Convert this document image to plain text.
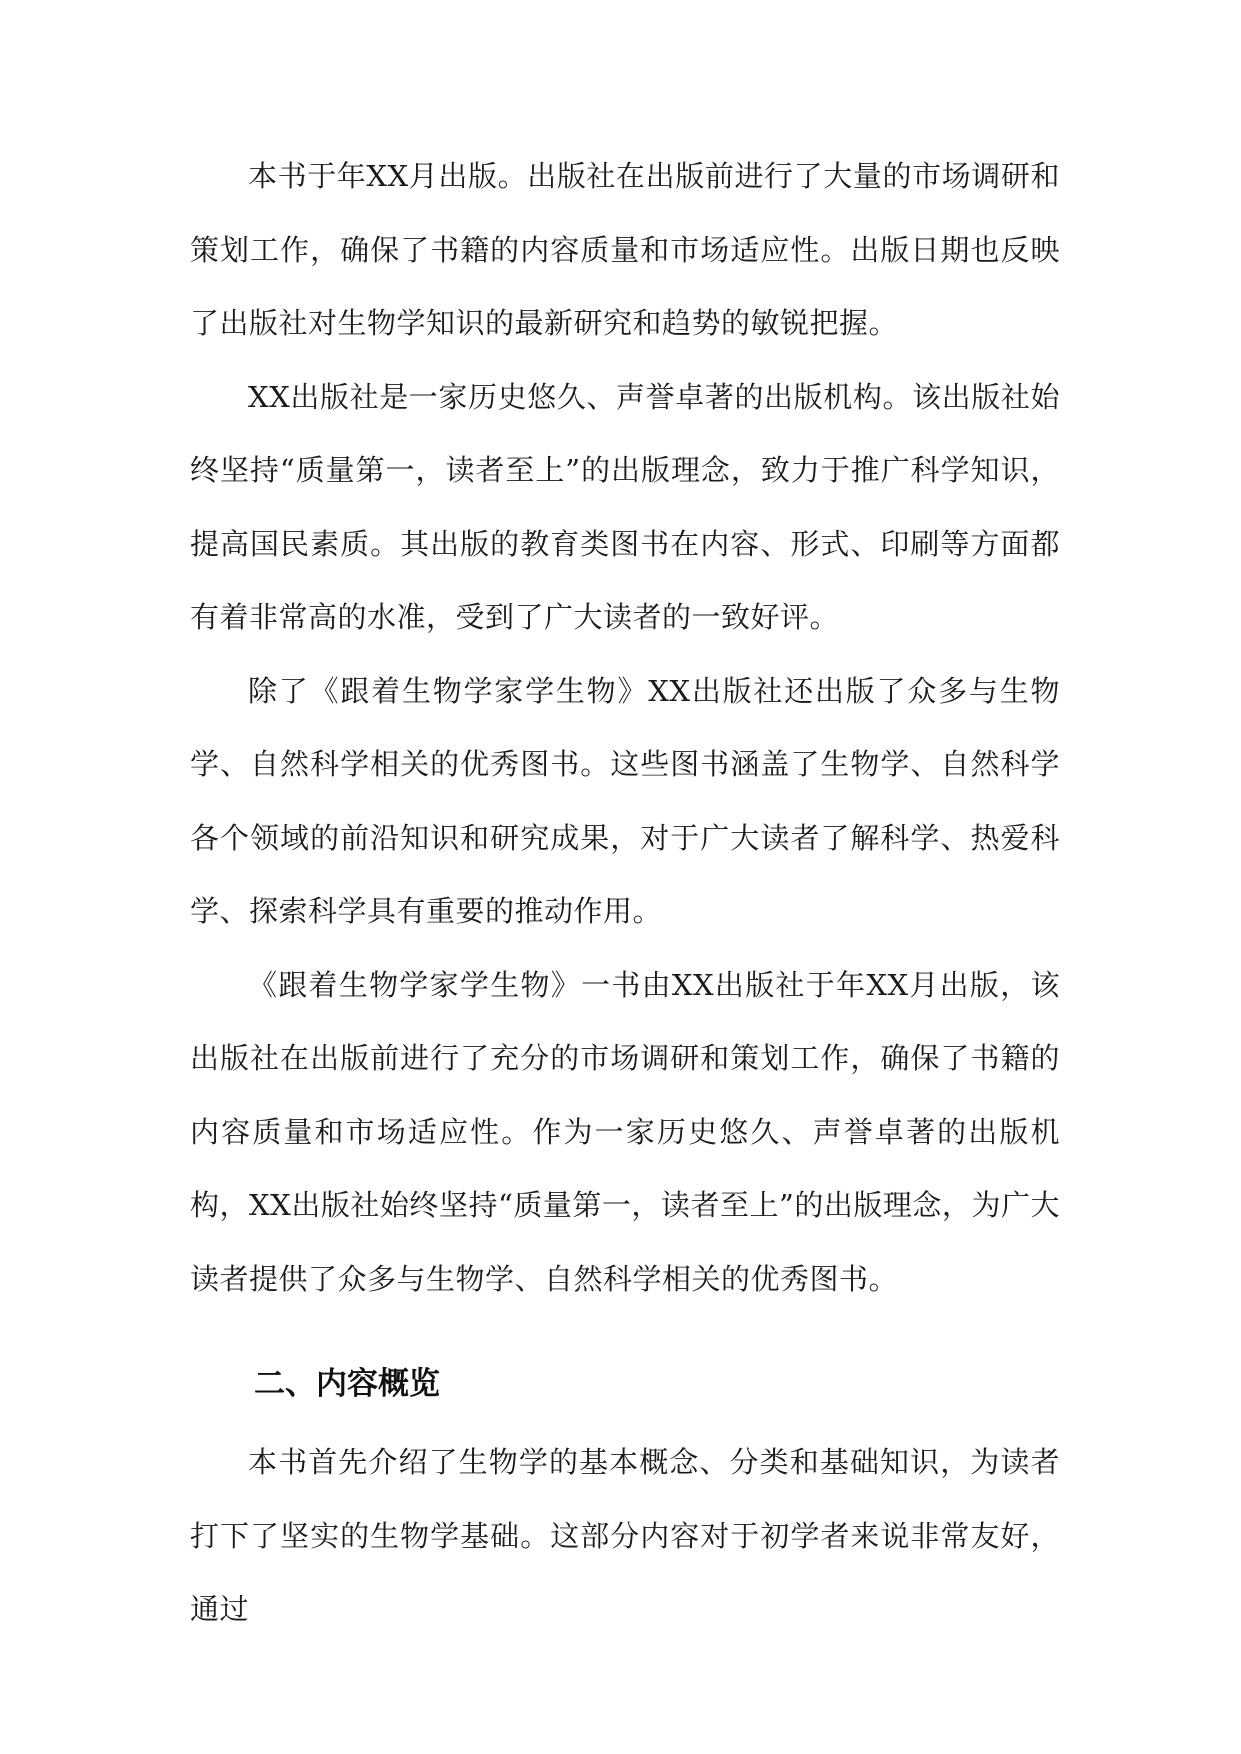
本书于年XX月出版。出版社在出版前进行了大量的市场调研和策划工作，确保了书籍的内容质量和市场适应性。出版日期也反映了出版社对生物学知识的最新研究和趋势的敏锐把握。

XX出版社是一家历史悠久、声誉卓著的出版机构。该出版社始终坚持“质量第一，读者至上”的出版理念，致力于推广科学知识，提高国民素质。其出版的教育类图书在内容、形式、印刷等方面都有着非常高的水准，受到了广大读者的一致好评。

除了《跟着生物学家学生物》XX出版社还出版了众多与生物学、自然科学相关的优秀图书。这些图书涵盖了生物学、自然科学各个领域的前沿知识和研究成果，对于广大读者了解科学、热爱科学、探索科学具有重要的推动作用。

《跟着生物学家学生物》一书由XX出版社于年XX月出版，该出版社在出版前进行了充分的市场调研和策划工作，确保了书籍的内容质量和市场适应性。作为一家历史悠久、声誉卓著的出版机构，XX出版社始终坚持“质量第一，读者至上”的出版理念，为广大读者提供了众多与生物学、自然科学相关的优秀图书。

二、内容概览

本书首先介绍了生物学的基本概念、分类和基础知识，为读者打下了坚实的生物学基础。这部分内容对于初学者来说非常友好，通过
